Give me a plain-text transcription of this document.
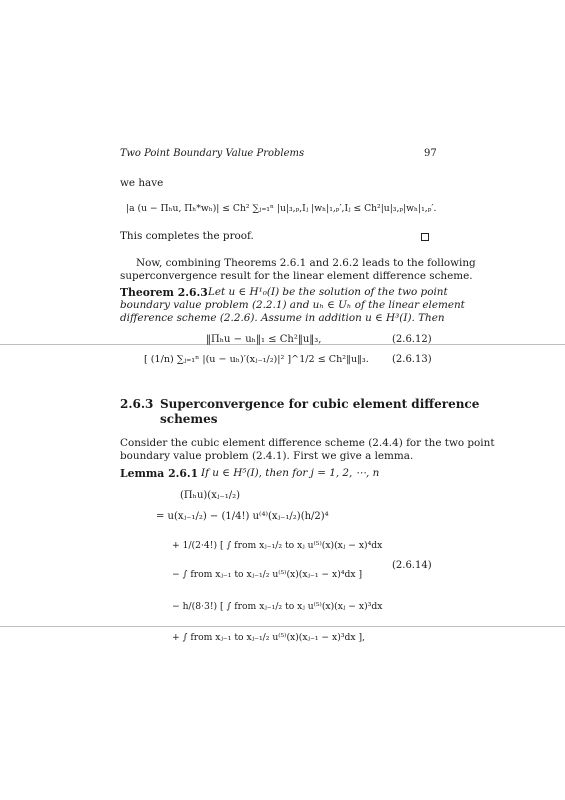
Two Point Boundary Value Problems	97
we have
|a (u − Πₕu, Πₕ*wₕ)| ≤ Ch² ∑ⱼ₌₁ⁿ |u|₃,ₚ,Iⱼ |wₕ|₁,ₚ′,Iⱼ ≤ Ch²|u|₃,ₚ|wₕ|₁,ₚ′.
This completes the proof.
Now, combining Theorems 2.6.1 and 2.6.2 leads to the following
superconvergence result for the linear element difference scheme.
Theorem 2.6.3 Let u ∈ H¹₀(I) be the solution of the two point
boundary value problem (2.2.1) and uₕ ∈ Uₕ of the linear element
difference scheme (2.2.6). Assume in addition u ∈ H³(I). Then
‖Πₕu − uₕ‖₁ ≤ Ch²‖u‖₃,	(2.6.12)
[ (1/n) ∑ⱼ₌₁ⁿ |(u − uₕ)′(xⱼ₋₁/₂)|² ]^1/2 ≤ Ch²‖u‖₃. (2.6.13)
2.6.3 Superconvergence for cubic element difference
schemes
Consider the cubic element difference scheme (2.4.4) for the two point
boundary value problem (2.4.1). First we give a lemma.
Lemma 2.6.1 If u ∈ H⁵(I), then for j = 1, 2, ⋯, n
(Πₕu)(xⱼ₋₁/₂)
= u(xⱼ₋₁/₂) − (1/4!) u⁽⁴⁾(xⱼ₋₁/₂)(h/2)⁴
+ 1/(2·4!) [ ∫ from xⱼ₋₁/₂ to xⱼ u⁽⁵⁾(x)(xⱼ − x)⁴dx
− ∫ from xⱼ₋₁ to xⱼ₋₁/₂ u⁽⁵⁾(x)(xⱼ₋₁ − x)⁴dx ]
− h/(8·3!) [ ∫ from xⱼ₋₁/₂ to xⱼ u⁽⁵⁾(x)(xⱼ − x)³dx
+ ∫ from xⱼ₋₁ to xⱼ₋₁/₂ u⁽⁵⁾(x)(xⱼ₋₁ − x)³dx ],
(2.6.14)
